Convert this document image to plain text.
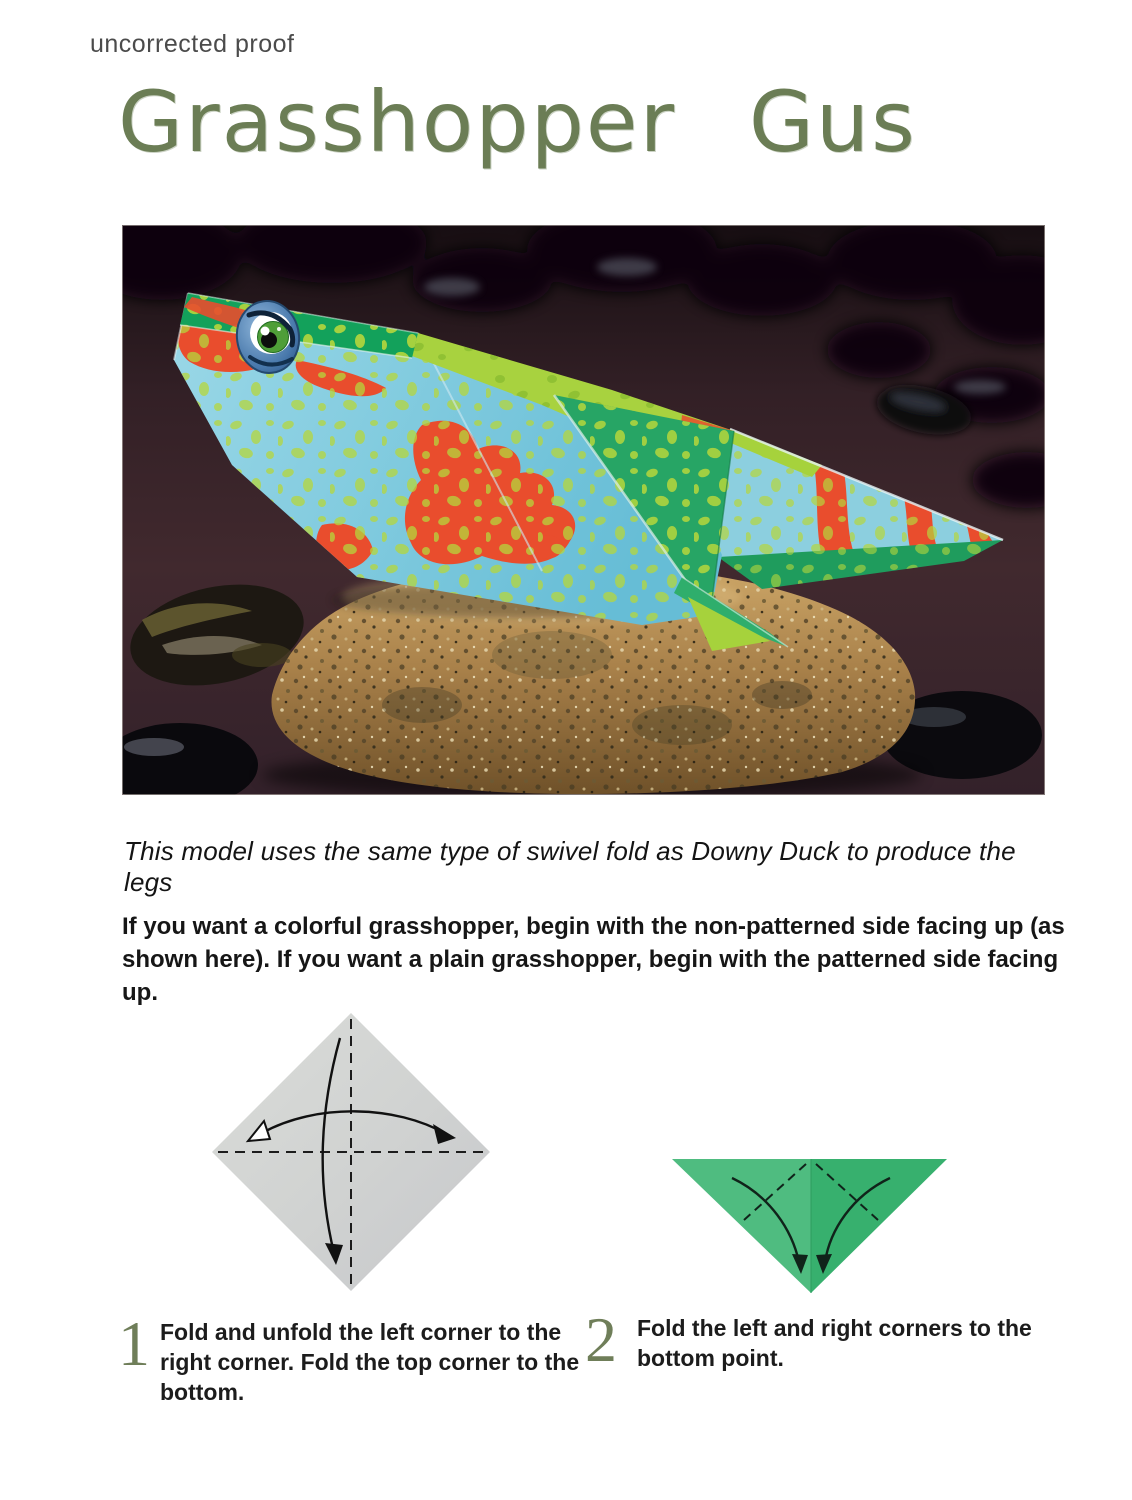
uncorrected proof
Grasshopper Gus

This model uses the same type of swivel fold as Downy Duck to produce the legs

If you want a colorful grasshopper, begin with the non-patterned side facing up (as shown here). If you want a plain grasshopper, begin with the patterned side facing up.

1 Fold and unfold the left corner to the right corner. Fold the top corner to the bottom.

2 Fold the left and right corners to the bottom point.
